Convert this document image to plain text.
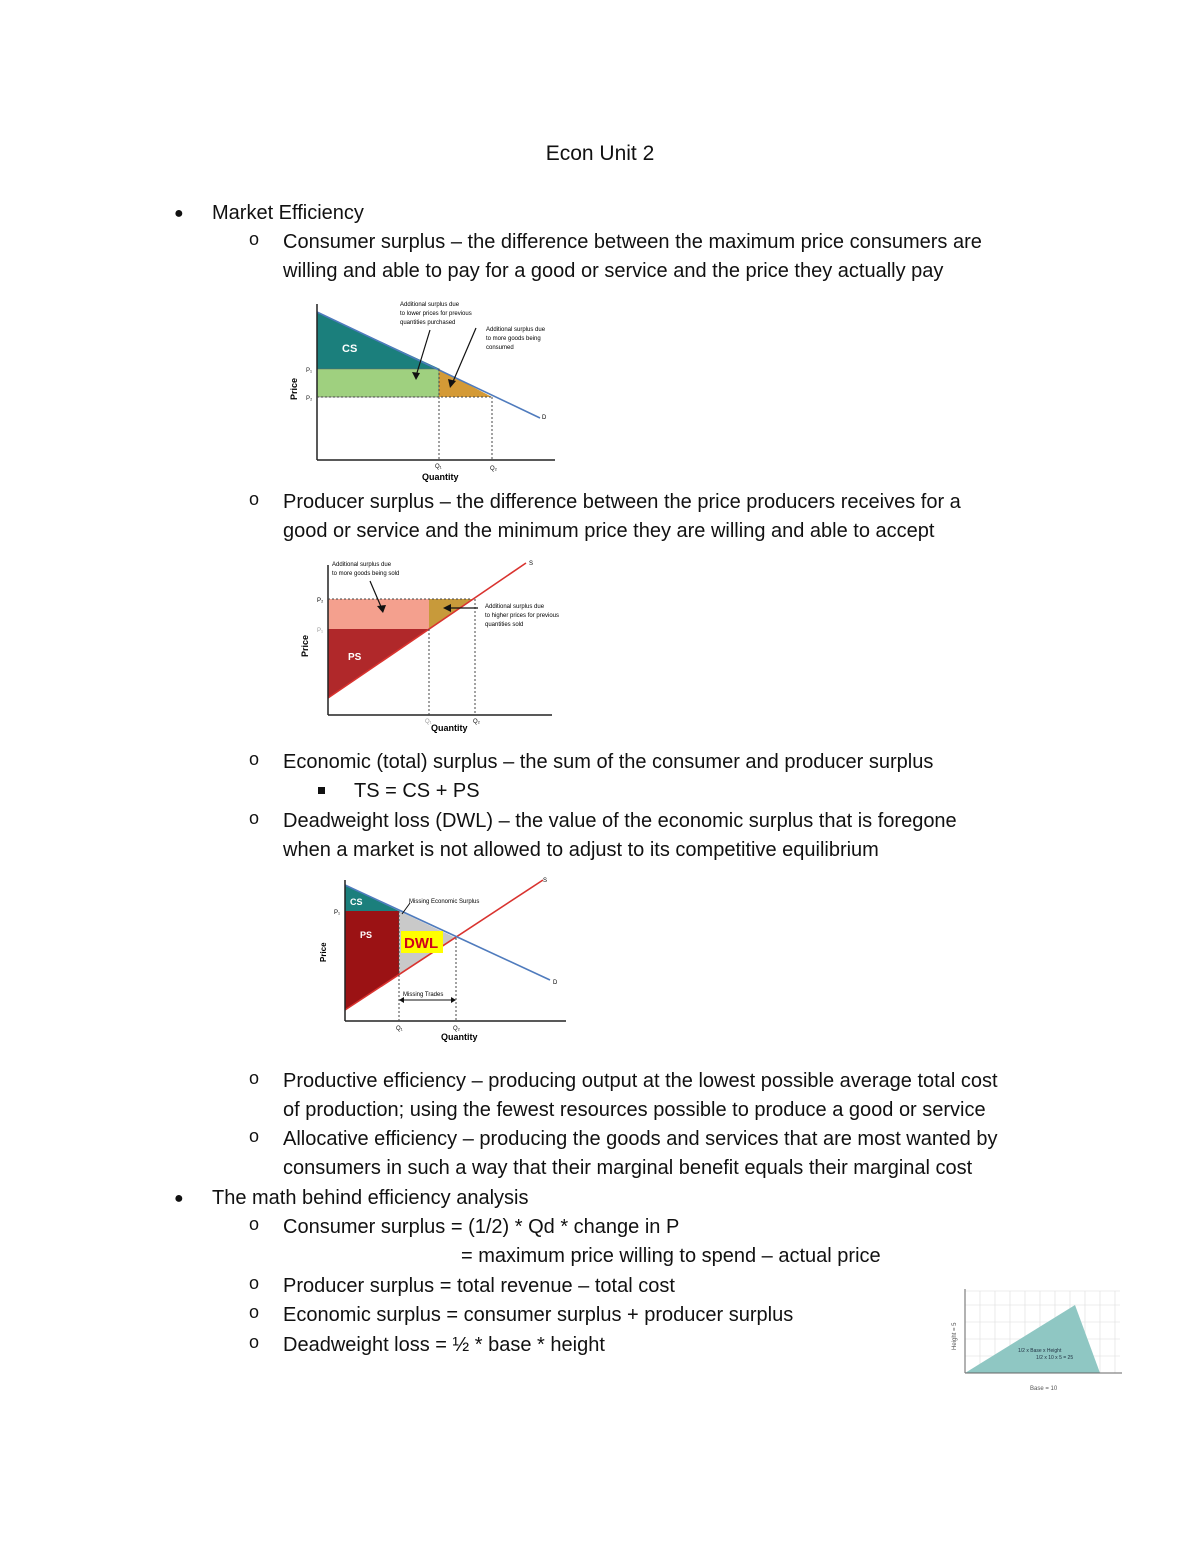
Econ Unit 2
● Market Efficiency
o Consumer surplus – the difference between the maximum price consumers are
willing and able to pay for a good or service and the price they actually pay
CS
P₁
P₂
Price
Quantity
Q₁	Q₂
D
Additional surplus due
to lower prices for previous
quantities purchased
Additional surplus due
to more goods being
consumed
o Producer surplus – the difference between the price producers receives for a
good or service and the minimum price they are willing and able to accept
PS
P₂
P₁
Price
Quantity
Q₁	Q₂
S
Additional surplus due
to more goods being sold
Additional surplus due
to higher prices for previous
quantities sold
o Economic (total) surplus – the sum of the consumer and producer surplus
TS = CS + PS
o Deadweight loss (DWL) – the value of the economic surplus that is foregone
when a market is not allowed to adjust to its competitive equilibrium
DWL
CS
PS
P₁
Price
Quantity
Q₁	Q₂
S
D
Missing Economic Surplus
Missing Trades
o Productive efficiency – producing output at the lowest possible average total cost
of production; using the fewest resources possible to produce a good or service
o Allocative efficiency – producing the goods and services that are most wanted by
consumers in such a way that their marginal benefit equals their marginal cost
● The math behind efficiency analysis
o Consumer surplus = (1/2) * Qd * change in P
= maximum price willing to spend – actual price
o Producer surplus = total revenue – total cost
o Economic surplus = consumer surplus + producer surplus
o Deadweight loss = ½ * base * height	1/2 x Base x Height
1/2 x 10 x 5 = 25
Height = 5
Base = 10
